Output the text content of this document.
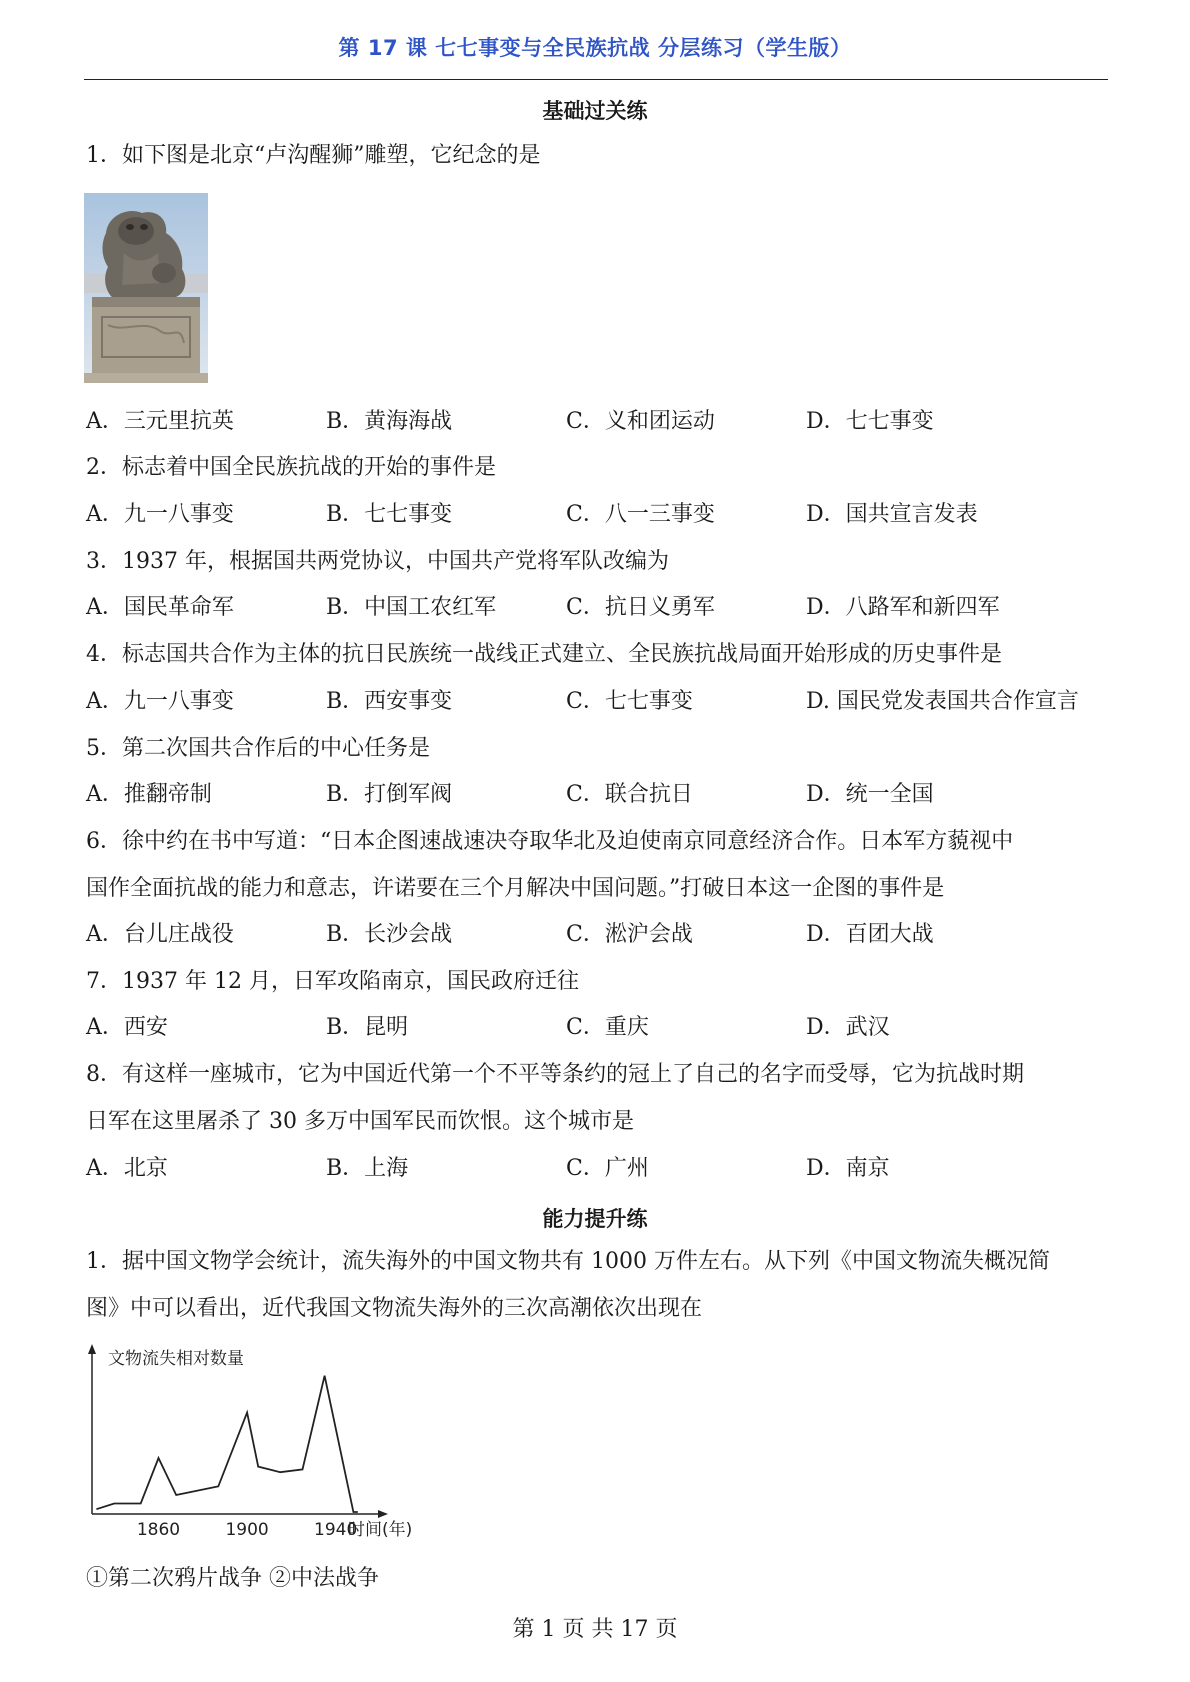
第 17 课 七七事变与全民族抗战 分层练习（学生版）
基础过关练
1．如下图是北京“卢沟醒狮”雕塑，它纪念的是
A．三元里抗英	B．黄海海战	C．义和团运动	D．七七事变
2．标志着中国全民族抗战的开始的事件是
A．九一八事变	B．七七事变	C．八一三事变	D．国共宣言发表
3．1937 年，根据国共两党协议，中国共产党将军队改编为
A．国民革命军	B．中国工农红军	C．抗日义勇军	D．八路军和新四军
4．标志国共合作为主体的抗日民族统一战线正式建立、全民族抗战局面开始形成的历史事件是
A．九一八事变	B．西安事变	C．七七事变	D. 国民党发表国共合作宣言
5．第二次国共合作后的中心任务是
A．推翻帝制	B．打倒军阀	C．联合抗日	D．统一全国
6．徐中约在书中写道：“日本企图速战速决夺取华北及迫使南京同意经济合作。日本军方藐视中
国作全面抗战的能力和意志，许诺要在三个月解决中国问题。”打破日本这一企图的事件是
A．台儿庄战役	B．长沙会战	C．淞沪会战	D．百团大战
7．1937 年 12 月，日军攻陷南京，国民政府迁往
A．西安	B．昆明	C．重庆	D．武汉
8．有这样一座城市，它为中国近代第一个不平等条约的冠上了自己的名字而受辱，它为抗战时期
日军在这里屠杀了 30 多万中国军民而饮恨。这个城市是
A．北京	B．上海	C．广州	D．南京
能力提升练
1．据中国文物学会统计，流失海外的中国文物共有 1000 万件左右。从下列《中国文物流失概况简
图》中可以看出，近代我国文物流失海外的三次高潮依次出现在
文物流失相对数量
时间(年)
1860	1900	1940
①第二次鸦片战争 ②中法战争
第 1 页 共 17 页
